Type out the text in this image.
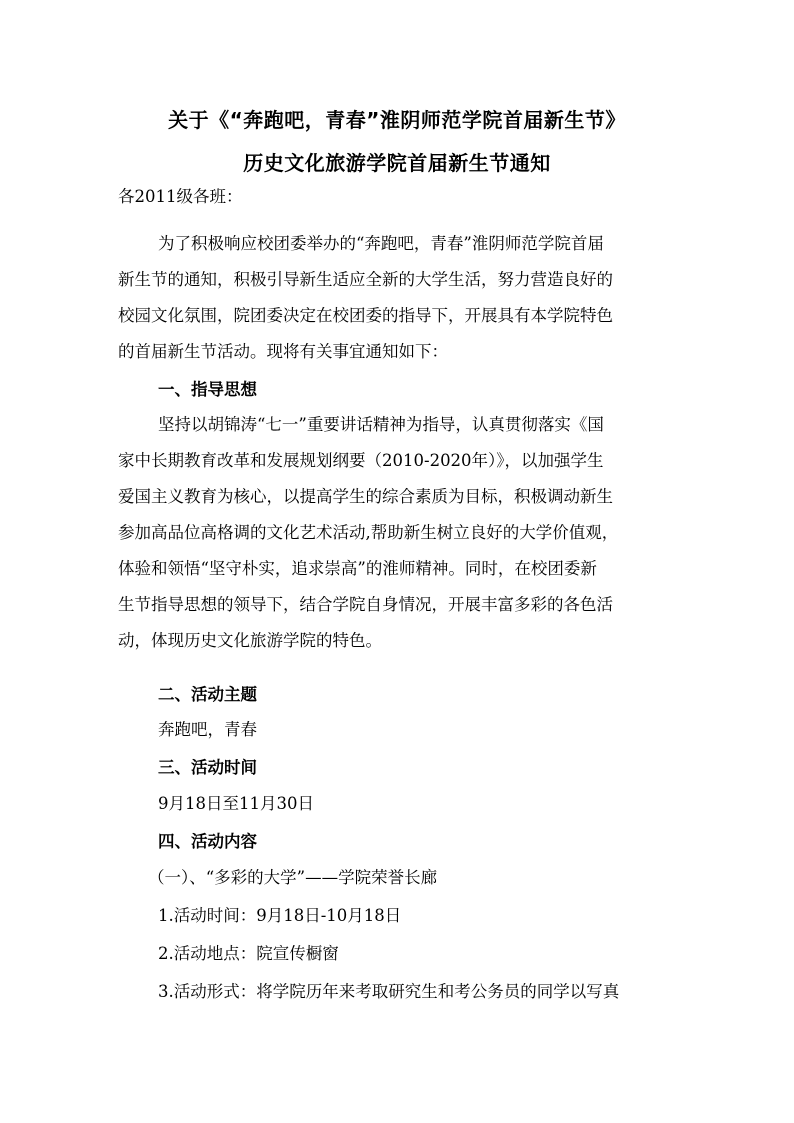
关于《“奔跑吧，青春”淮阴师范学院首届新生节》
历史文化旅游学院首届新生节通知
各2011级各班：
为了积极响应校团委举办的“奔跑吧，青春”淮阴师范学院首届
新生节的通知，积极引导新生适应全新的大学生活，努力营造良好的
校园文化氛围，院团委决定在校团委的指导下，开展具有本学院特色
的首届新生节活动。现将有关事宜通知如下：
一、指导思想
坚持以胡锦涛“七一”重要讲话精神为指导，认真贯彻落实《国
家中长期教育改革和发展规划纲要（2010-2020年）》，以加强学生
爱国主义教育为核心，以提高学生的综合素质为目标，积极调动新生
参加高品位高格调的文化艺术活动,帮助新生树立良好的大学价值观，
体验和领悟“坚守朴实，追求崇高”的淮师精神。同时，在校团委新
生节指导思想的领导下，结合学院自身情况，开展丰富多彩的各色活
动，体现历史文化旅游学院的特色。
二、活动主题
奔跑吧，青春
三、活动时间
9月18日至11月30日
四、活动内容
（一）、“多彩的大学”——学院荣誉长廊
1.活动时间：9月18日-10月18日
2.活动地点：院宣传橱窗
3.活动形式：将学院历年来考取研究生和考公务员的同学以写真
